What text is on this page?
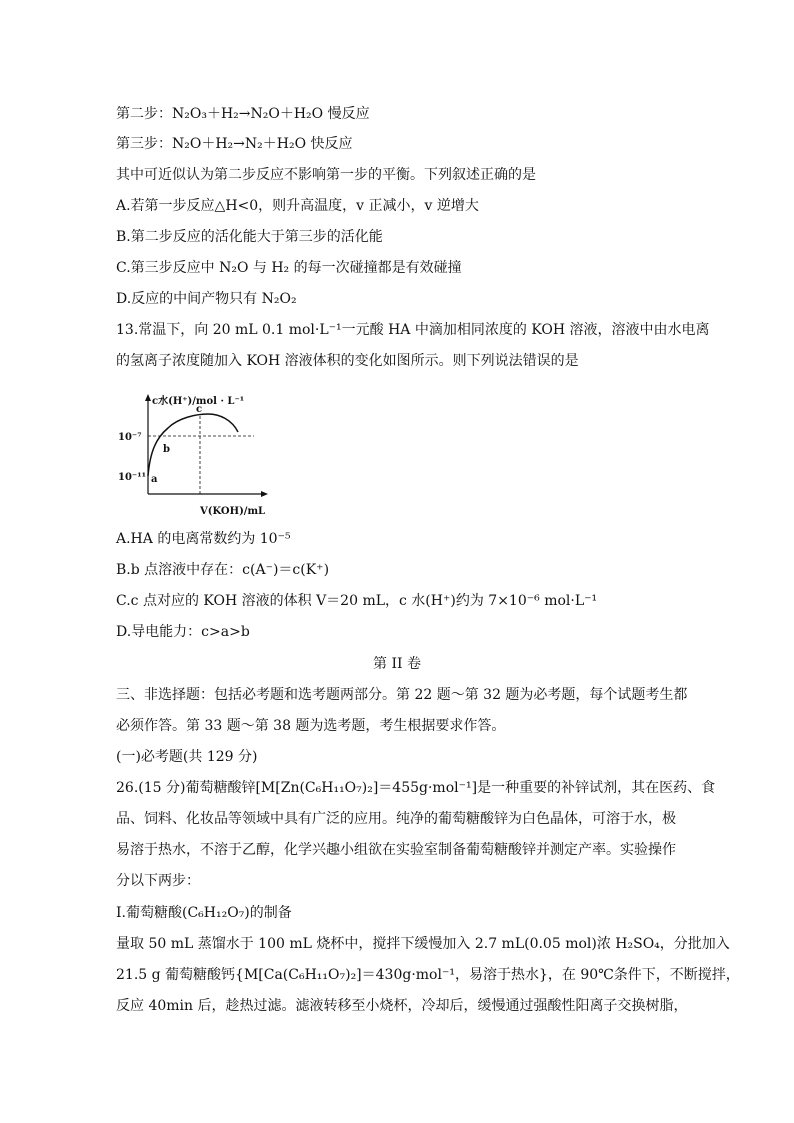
第二步：N₂O₃＋H₂→N₂O＋H₂O 慢反应
第三步：N₂O＋H₂→N₂＋H₂O 快反应
其中可近似认为第二步反应不影响第一步的平衡。下列叙述正确的是
A.若第一步反应△H<0，则升高温度，v 正减小，v 逆增大
B.第二步反应的活化能大于第三步的活化能
C.第三步反应中 N₂O 与 H₂ 的每一次碰撞都是有效碰撞
D.反应的中间产物只有 N₂O₂
13.常温下，向 20 mL 0.1 mol·L⁻¹一元酸 HA 中滴加相同浓度的 KOH 溶液，溶液中由水电离
的氢离子浓度随加入 KOH 溶液体积的变化如图所示。则下列说法错误的是
c水(H⁺)/mol · L⁻¹
V(KOH)/mL
10⁻⁷
10⁻¹¹ a
b
c
A.HA 的电离常数约为 10⁻⁵
B.b 点溶液中存在：c(A⁻)＝c(K⁺)
C.c 点对应的 KOH 溶液的体积 V＝20 mL，c 水(H⁺)约为 7×10⁻⁶ mol·L⁻¹
D.导电能力：c>a>b
第 II 卷
三、非选择题：包括必考题和选考题两部分。第 22 题～第 32 题为必考题，每个试题考生都
必须作答。第 33 题～第 38 题为选考题，考生根据要求作答。
(一)必考题(共 129 分)
26.(15 分)葡萄糖酸锌[M[Zn(C₆H₁₁O₇)₂]＝455g·mol⁻¹]是一种重要的补锌试剂，其在医药、食
品、饲料、化妆品等领域中具有广泛的应用。纯净的葡萄糖酸锌为白色晶体，可溶于水，极
易溶于热水，不溶于乙醇，化学兴趣小组欲在实验室制备葡萄糖酸锌并测定产率。实验操作
分以下两步：
I.葡萄糖酸(C₆H₁₂O₇)的制备
量取 50 mL 蒸馏水于 100 mL 烧杯中，搅拌下缓慢加入 2.7 mL(0.05 mol)浓 H₂SO₄，分批加入
21.5 g 葡萄糖酸钙{M[Ca(C₆H₁₁O₇)₂]＝430g·mol⁻¹，易溶于热水}，在 90℃条件下，不断搅拌，
反应 40min 后，趁热过滤。滤液转移至小烧杯，冷却后，缓慢通过强酸性阳离子交换树脂，
